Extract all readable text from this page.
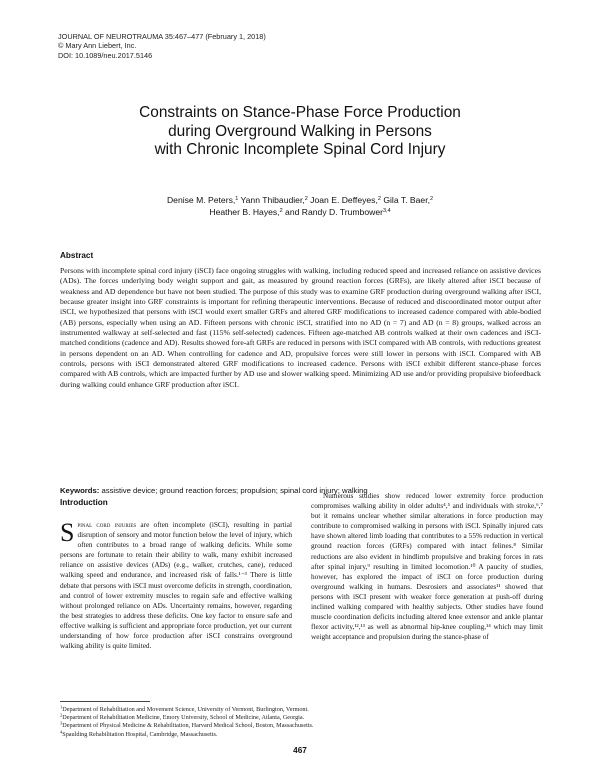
JOURNAL OF NEUROTRAUMA 35:467–477 (February 1, 2018)
© Mary Ann Liebert, Inc.
DOI: 10.1089/neu.2017.5146
Constraints on Stance-Phase Force Production
during Overground Walking in Persons
with Chronic Incomplete Spinal Cord Injury
Denise M. Peters,$^1$ Yann Thibaudier,$^2$ Joan E. Deffeyes,$^2$ Gila T. Baer,$^2$
Heather B. Hayes,$^2$ and Randy D. Trumbower$^{3,4}$
Abstract
Persons with incomplete spinal cord injury (iSCI) face ongoing struggles with walking, including reduced speed and increased reliance on assistive devices (ADs). The forces underlying body weight support and gait, as measured by ground reaction forces (GRFs), are likely altered after iSCI because of weakness and AD dependence but have not been studied. The purpose of this study was to examine GRF production during overground walking after iSCI, because greater insight into GRF constraints is important for refining therapeutic interventions. Because of reduced and discoordinated motor output after iSCI, we hypothesized that persons with iSCI would exert smaller GRFs and altered GRF modifications to increased cadence compared with able-bodied (AB) persons, especially when using an AD. Fifteen persons with chronic iSCI, stratified into no AD (n = 7) and AD (n = 8) groups, walked across an instrumented walkway at self-selected and fast (115% self-selected) cadences. Fifteen age-matched AB controls walked at their own cadences and iSCI-matched conditions (cadence and AD). Results showed fore-aft GRFs are reduced in persons with iSCI compared with AB controls, with reductions greatest in persons dependent on an AD. When controlling for cadence and AD, propulsive forces were still lower in persons with iSCI. Compared with AB controls, persons with iSCI demonstrated altered GRF modifications to increased cadence. Persons with iSCI exhibit different stance-phase forces compared with AB controls, which are impacted further by AD use and slower walking speed. Minimizing AD use and/or providing propulsive biofeedback during walking could enhance GRF production after iSCI.
Keywords: assistive device; ground reaction forces; propulsion; spinal cord injury; walking
Introduction
Spinal cord injuries are often incomplete (iSCI), resulting in partial disruption of sensory and motor function below the level of injury, which often contributes to a broad range of walking deficits. While some persons are fortunate to retain their ability to walk, many exhibit increased reliance on assistive devices (ADs) (e.g., walker, crutches, cane), reduced walking speed and endurance, and increased risk of falls.¹⁻³ There is little debate that persons with iSCI must overcome deficits in strength, coordination, and control of lower extremity muscles to regain safe and effective walking without prolonged reliance on ADs. Uncertainty remains, however, regarding the best strategies to address these deficits. One key factor to ensure safe and effective walking is sufficient and appropriate force production, yet our current understanding of how force production after iSCI constrains overground walking ability is quite limited.
Numerous studies show reduced lower extremity force production compromises walking ability in older adults⁴,⁵ and individuals with stroke,⁶,⁷ but it remains unclear whether similar alterations in force production may contribute to compromised walking in persons with iSCI. Spinally injured cats have shown altered limb loading that contributes to a 55% reduction in vertical ground reaction forces (GRFs) compared with intact felines.⁸ Similar reductions are also evident in hindlimb propulsive and braking forces in rats after spinal injury,⁹ resulting in limited locomotion.¹⁰ A paucity of studies, however, has explored the impact of iSCI on force production during overground walking in humans. Desrosiers and associates¹¹ showed that persons with iSCI present with weaker force generation at push-off during inclined walking compared with healthy subjects. Other studies have found muscle coordination deficits including altered knee extensor and ankle plantar flexor activity,¹²,¹³ as well as abnormal hip-knee coupling,¹⁴ which may limit weight acceptance and propulsion during the stance-phase of
$^1$Department of Rehabilitation and Movement Science, University of Vermont, Burlington, Vermont.
$^2$Department of Rehabilitation Medicine, Emory University, School of Medicine, Atlanta, Georgia.
$^3$Department of Physical Medicine & Rehabilitation, Harvard Medical School, Boston, Massachusetts.
$^4$Spaulding Rehabilitation Hospital, Cambridge, Massachusetts.
467
